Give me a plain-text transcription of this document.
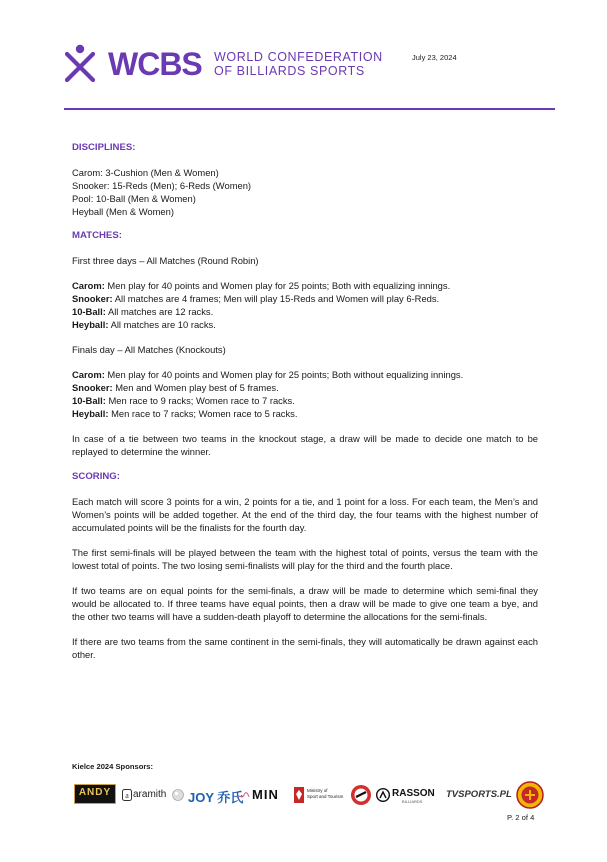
WCBS WORLD CONFEDERATION
OF BILLIARDS SPORTS
July 23, 2024

DISCIPLINES:

Carom: 3-Cushion (Men & Women)

Snooker: 15-Reds (Men); 6-Reds (Women)

Pool: 10-Ball (Men & Women)

Heyball (Men & Women)

MATCHES:

First three days – All Matches (Round Robin)

Carom: Men play for 40 points and Women play for 25 points; Both with equalizing innings.

Snooker: All matches are 4 frames; Men will play 15-Reds and Women will play 6-Reds.

10-Ball: All matches are 12 racks.

Heyball: All matches are 10 racks.

Finals day – All Matches (Knockouts)

Carom: Men play for 40 points and Women play for 25 points; Both without equalizing innings.

Snooker: Men and Women play best of 5 frames.

10-Ball: Men race to 9 racks; Women race to 7 racks.

Heyball: Men race to 7 racks; Women race to 5 racks.

In case of a tie between two teams in the knockout stage, a draw will be made to decide one match to be replayed to determine the winner.

SCORING:

Each match will score 3 points for a win, 2 points for a tie, and 1 point for a loss. For each team, the Men’s and Women’s points will be added together. At the end of the third day, the four teams with the highest number of accumulated points will be the finalists for the fourth day.

The first semi-finals will be played between the team with the highest total of points, versus the team with the lowest total of points. The two losing semi-finalists will play for the third and the fourth place.

If two teams are on equal points for the semi-finals, a draw will be made to determine which semi-final they would be allocated to. If three teams have equal points, then a draw will be made to give one team a bye, and the other two teams will have a sudden-death playoff to determine the allocations for the semi-finals.

If there are two teams from the same continent in the semi-finals, they will automatically be drawn against each other.

Kielce 2024 Sponsors:
ANDY	a aramith JOY 乔氏 MIN	Ministry of
Sport and Tourism	RASSON
BILLIARDS
TVSPORTS.PL
P. 2 of 4
